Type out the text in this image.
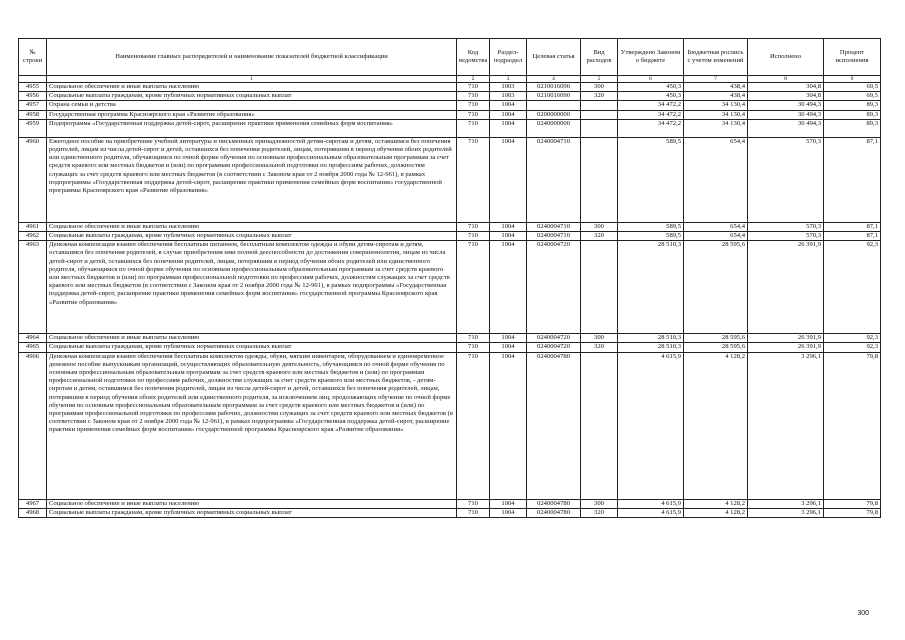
№ строки	Наименование главных распорядителей и наименование показателей бюджетной классификации	Код ведомства	Раздел-подраздел	Целевая статья	Вид расходов	Утверждено Законом о бюджете	Бюджетная роспись с учетом изменений	Исполнено	Процент исполнения
	1	2	3	4	5	6	7	8	9
4955	Социальное обеспечение и иные выплаты населению	710	1003	0210016090	300	450,3	438,4	304,8	69,5
4956	Социальные выплаты гражданам, кроме публичных нормативных социальных выплат	710	1003	0210016090	320	450,3	438,4	304,8	69,5
4957	Охрана семьи и детства	710	1004			34 472,2	34 130,4	30 494,3	89,3
4958	Государственная программа Красноярского края «Развитие образования»	710	1004	0200000000		34 472,2	34 130,4	30 494,3	89,3
4959	Подпрограмма «Государственная поддержка детей-сирот, расширение практики применения семейных форм воспитания»	710	1004	0240000000		34 472,2	34 130,4	30 494,3	89,3
4960	Ежегодное пособие на приобретение учебной литературы и письменных принадлежностей детям-сиротам и детям, оставшимся без попечения родителей, лицам из числа детей-сирот и детей, оставшихся без попечения родителей, лицам, потерявшим в период обучения обоих родителей или единственного родителя, обучающимся по очной форме обучения по основным профессиональным образовательным программам за счет средств краевого или местных бюджетов и (или) по программам профессиональной подготовки по профессиям рабочих, должностям служащих за счет средств краевого или местных бюджетов (в соответствии с Законом края от 2 ноября 2000 года № 12-961), в рамках подпрограммы «Государственная поддержка детей-сирот, расширение практики применения семейных форм воспитания» государственной программы Красноярского края «Развитие образования»	710	1004	0240004710		589,5	654,4	570,3	87,1
4961	Социальное обеспечение и иные выплаты населению	710	1004	0240004710	300	589,5	654,4	570,3	87,1
4962	Социальные выплаты гражданам, кроме публичных нормативных социальных выплат	710	1004	0240004710	320	589,5	654,4	570,3	87,1
4963	Денежная компенсация взамен обеспечения бесплатным питанием, бесплатным комплектом одежды и обуви детям-сиротам и детям, оставшимся без попечения родителей, в случае приобретения ими полной дееспособности до достижения совершеннолетия, лицам из числа детей-сирот и детей, оставшихся без попечения родителей, лицам, потерявшим в период обучения обоих родителей или единственного родителя, обучающимся по очной форме обучения по основным профессиональным образовательным программам за счет средств краевого или местных бюджетов и (или) по программам профессиональной подготовки по профессиям рабочих, должностям служащих за счет средств краевого или местных бюджетов (в соответствии с Законом края от 2 ноября 2000 года № 12-961), в рамках подпрограммы «Государственная поддержка детей-сирот, расширение практики применения семейных форм воспитания» государственной программы Красноярского края «Развитие образования»	710	1004	0240004720		28 510,3	28 595,6	26 391,9	92,3
4964	Социальное обеспечение и иные выплаты населению	710	1004	0240004720	300	28 510,3	28 595,6	26 391,9	92,3
4965	Социальные выплаты гражданам, кроме публичных нормативных социальных выплат	710	1004	0240004720	320	28 510,3	28 595,6	26 391,9	92,3
4966	Денежная компенсация взамен обеспечения бесплатным комплектом одежды, обуви, мягким инвентарем, оборудованием и единовременное денежное пособие выпускникам организаций, осуществляющих образовательную деятельность, обучающимся по очной форме обучения по основным профессиональным образовательным программам за счет средств краевого или местных бюджетов и (или) по программам профессиональной подготовки по профессиям рабочих, должностям служащих за счет средств краевого или местных бюджетов, - детям-сиротам и детям, оставшимся без попечения родителей, лицам из числа детей-сирот и детей, оставшихся без попечения родителей, лицам, потерявшим в период обучения обоих родителей или единственного родителя, за исключением лиц, продолжающих обучение по очной форме обучения по основным профессиональным образовательным программам за счет средств краевого или местных бюджетов и (или) по программам профессиональной подготовки по профессиям рабочих, должностям служащих за счет средств краевого или местных бюджетов (в соответствии с Законом края от 2 ноября 2000 года № 12-961), в рамках подпрограммы «Государственная поддержка детей-сирот, расширение практики применения семейных форм воспитания» государственной программы Красноярского края «Развитие образования»	710	1004	0240004780		4 615,9	4 128,2	3 296,1	79,8
4967	Социальное обеспечение и иные выплаты населению	710	1004	0240004780	300	4 615,9	4 128,2	3 296,1	79,8
4968	Социальные выплаты гражданам, кроме публичных нормативных социальных выплат	710	1004	0240004780	320	4 615,9	4 128,2	3 296,1	79,8
300
